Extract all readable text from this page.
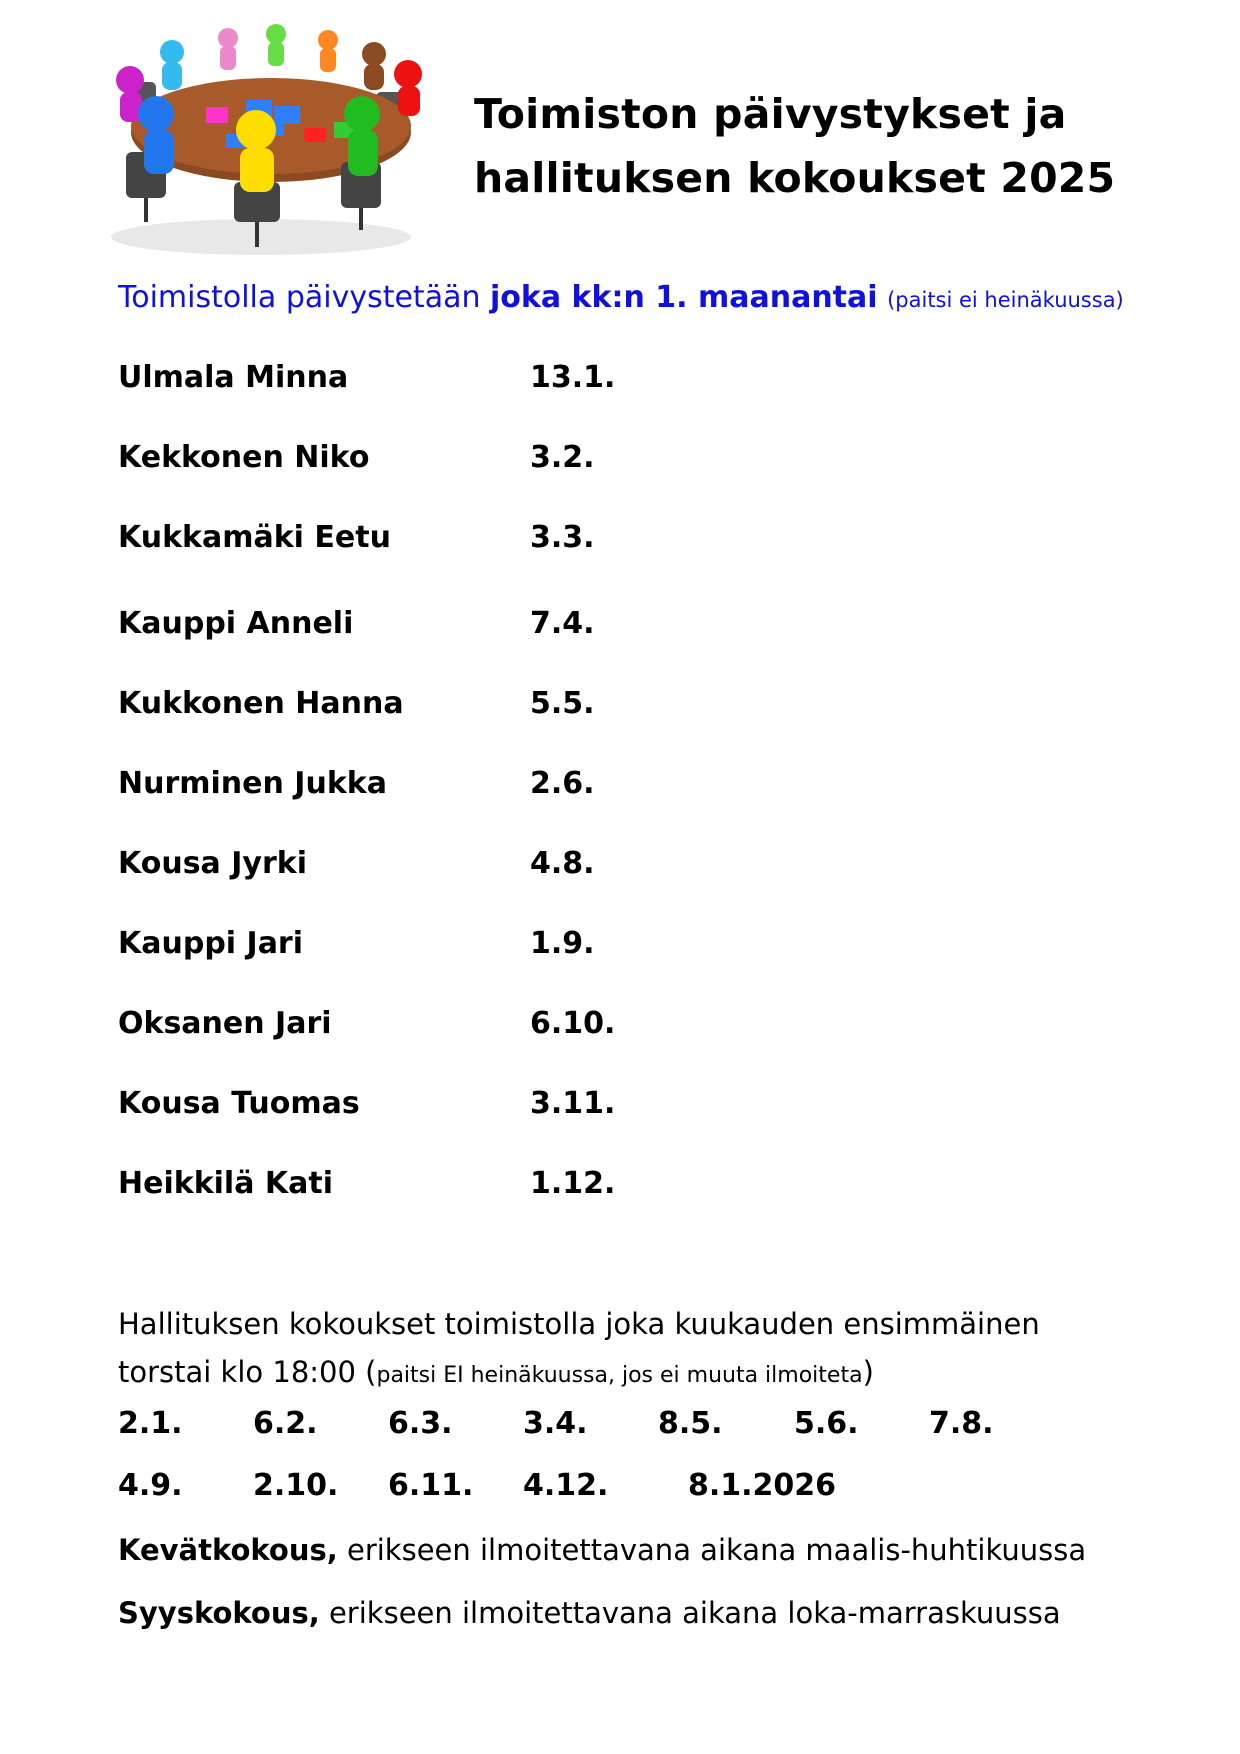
Toimiston päivystykset ja
hallituksen kokoukset 2025
Toimistolla päivystetään joka kk:n 1. maanantai (paitsi ei heinäkuussa)
Ulmala Minna	13.1.
Kekkonen Niko	3.2.
Kukkamäki Eetu	3.3.
Kauppi Anneli	7.4.
Kukkonen Hanna	5.5.
Nurminen Jukka	2.6.
Kousa Jyrki	4.8.
Kauppi Jari	1.9.
Oksanen Jari	6.10.
Kousa Tuomas	3.11.
Heikkilä Kati	1.12.
Hallituksen kokoukset toimistolla joka kuukauden ensimmäinen
torstai klo 18:00 (paitsi EI heinäkuussa, jos ei muuta ilmoiteta)
2.1. 6.2. 6.3. 3.4. 8.5. 5.6. 7.8.
4.9. 2.10. 6.11. 4.12.	8.1.2026
Kevätkokous, erikseen ilmoitettavana aikana maalis-huhtikuussa
Syyskokous, erikseen ilmoitettavana aikana loka-marraskuussa
